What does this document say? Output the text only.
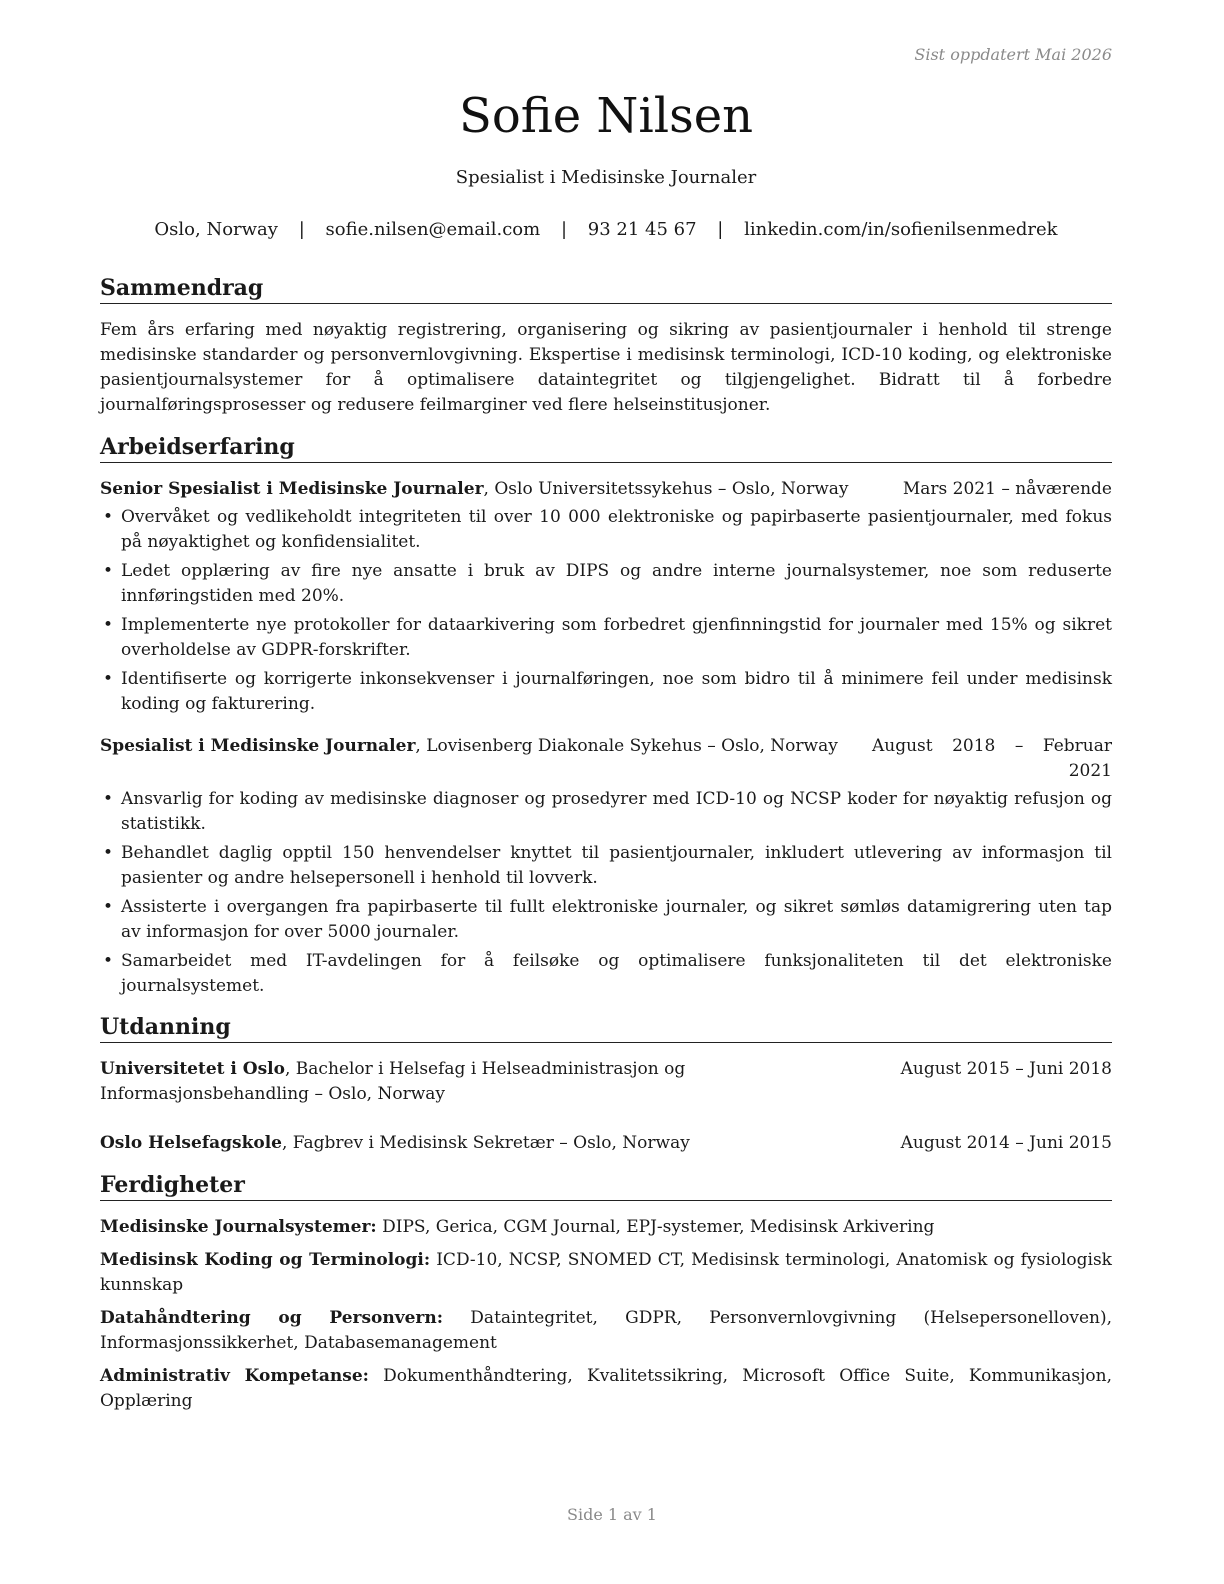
Sist oppdatert Mai 2026
Sofie Nilsen
Spesialist i Medisinske Journaler
Oslo, Norway | sofie.nilsen@email.com | 93 21 45 67 | linkedin.com/in/sofienilsenmedrek
Sammendrag

Fem års erfaring med nøyaktig registrering, organisering og sikring av pasientjournaler i henhold til strenge medisinske standarder og personvernlovgivning. Ekspertise i medisinsk terminologi, ICD-10 koding, og elektroniske pasientjournalsystemer for å optimalisere dataintegritet og tilgjengelighet. Bidratt til å forbedre journalføringsprosesser og redusere feilmarginer ved flere helseinstitusjoner.

Arbeidserfaring
Senior Spesialist i Medisinske Journaler, Oslo Universitetssykehus – Oslo, Norway	Mars 2021 – nåværende
• Overvåket og vedlikeholdt integriteten til over 10 000 elektroniske og papirbaserte pasientjournaler, med fokus på nøyaktighet og konfidensialitet.
• Ledet opplæring av fire nye ansatte i bruk av DIPS og andre interne journalsystemer, noe som reduserte innføringstiden med 20%.
• Implementerte nye protokoller for dataarkivering som forbedret gjenfinningstid for journaler med 15% og sikret overholdelse av GDPR-forskrifter.
• Identifiserte og korrigerte inkonsekvenser i journalføringen, noe som bidro til å minimere feil under medisinsk koding og fakturering.
Spesialist i Medisinske Journaler, Lovisenberg Diakonale Sykehus – Oslo, Norway	August 2018 – Februar 2021
• Ansvarlig for koding av medisinske diagnoser og prosedyrer med ICD-10 og NCSP koder for nøyaktig refusjon og statistikk.
• Behandlet daglig opptil 150 henvendelser knyttet til pasientjournaler, inkludert utlevering av informasjon til pasienter og andre helsepersonell i henhold til lovverk.
• Assisterte i overgangen fra papirbaserte til fullt elektroniske journaler, og sikret sømløs datamigrering uten tap av informasjon for over 5000 journaler.
• Samarbeidet med IT-avdelingen for å feilsøke og optimalisere funksjonaliteten til det elektroniske journalsystemet.
Utdanning
Universitetet i Oslo, Bachelor i Helsefag i Helseadministrasjon og Informasjonsbehandling – Oslo, Norway
August 2015 – Juni 2018
Oslo Helsefagskole, Fagbrev i Medisinsk Sekretær – Oslo, Norway	August 2014 – Juni 2015
Ferdigheter
Medisinske Journalsystemer: DIPS, Gerica, CGM Journal, EPJ-systemer, Medisinsk Arkivering
Medisinsk Koding og Terminologi: ICD-10, NCSP, SNOMED CT, Medisinsk terminologi, Anatomisk og fysiologisk kunnskap
Datahåndtering og Personvern: Dataintegritet, GDPR, Personvernlovgivning (Helsepersonelloven), Informasjonssikkerhet, Databasemanagement
Administrativ Kompetanse: Dokumenthåndtering, Kvalitetssikring, Microsoft Office Suite, Kommunikasjon, Opplæring
Side 1 av 1
